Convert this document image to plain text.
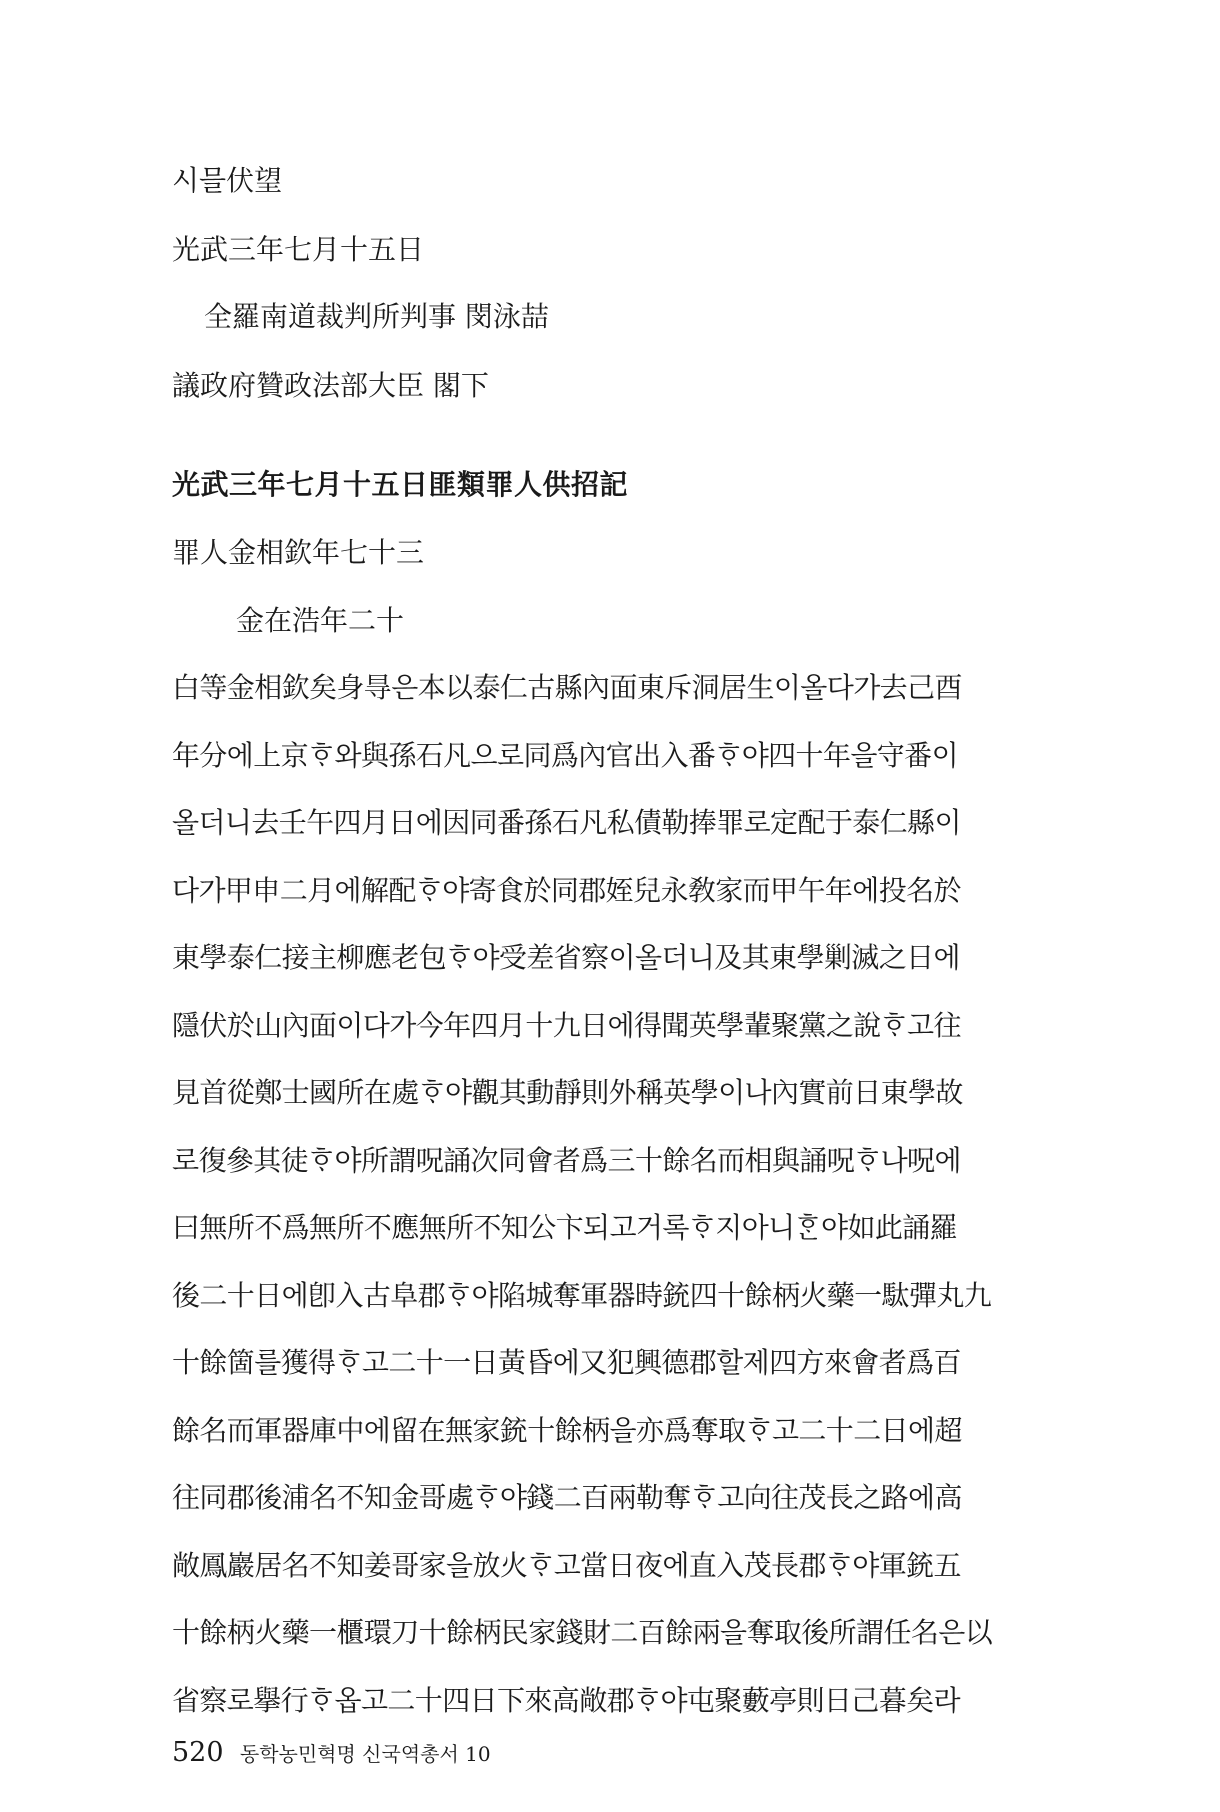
시믈伏望
光武三年七月十五日
全羅南道裁判所判事 閔泳喆
議政府贊政法部大臣 閣下
光武三年七月十五日匪類罪人供招記
罪人金相欽年七十三
金在浩年二十
白等金相欽矣身㝵은本以泰仁古縣內面東斥洞居生이올다가去己酉
年分에上京ᄒᆞ와與孫石凡으로同爲內官出入番ᄒᆞ야四十年을守番이
올더니去壬午四月日에因同番孫石凡私債勒捧罪로定配于泰仁縣이
다가甲申二月에解配ᄒᆞ야寄食於同郡姪兒永敎家而甲午年에投名於
東學泰仁接主柳應老包ᄒᆞ야受差省察이올더니及其東學剿滅之日에
隱伏於山內面이다가今年四月十九日에得聞英學輩聚黨之說ᄒᆞ고往
見首從鄭士國所在處ᄒᆞ야觀其動靜則外稱英學이나內實前日東學故
로復參其徒ᄒᆞ야所謂呪誦次同會者爲三十餘名而相與誦呪ᄒᆞ나呪에
曰無所不爲無所不應無所不知公卞되고거록ᄒᆞ지아니ᄒᆞᆫ야如此誦羅
後二十日에卽入古阜郡ᄒᆞ야陷城奪軍器時銃四十餘柄火藥一駄彈丸九
十餘箇를獲得ᄒᆞ고二十一日黃昏에又犯興德郡할제四方來會者爲百
餘名而軍器庫中에留在無家銃十餘柄을亦爲奪取ᄒᆞ고二十二日에超
往同郡後浦名不知金哥處ᄒᆞ야錢二百兩勒奪ᄒᆞ고向往茂長之路에高
敞鳳巖居名不知姜哥家을放火ᄒᆞ고當日夜에直入茂長郡ᄒᆞ야軍銃五
十餘柄火藥一櫃環刀十餘柄民家錢財二百餘兩을奪取後所謂任名은以
省察로擧行ᄒᆞ옵고二十四日下來高敞郡ᄒᆞ야屯聚藪亭則日己暮矣라
520 동학농민혁명 신국역총서 10
